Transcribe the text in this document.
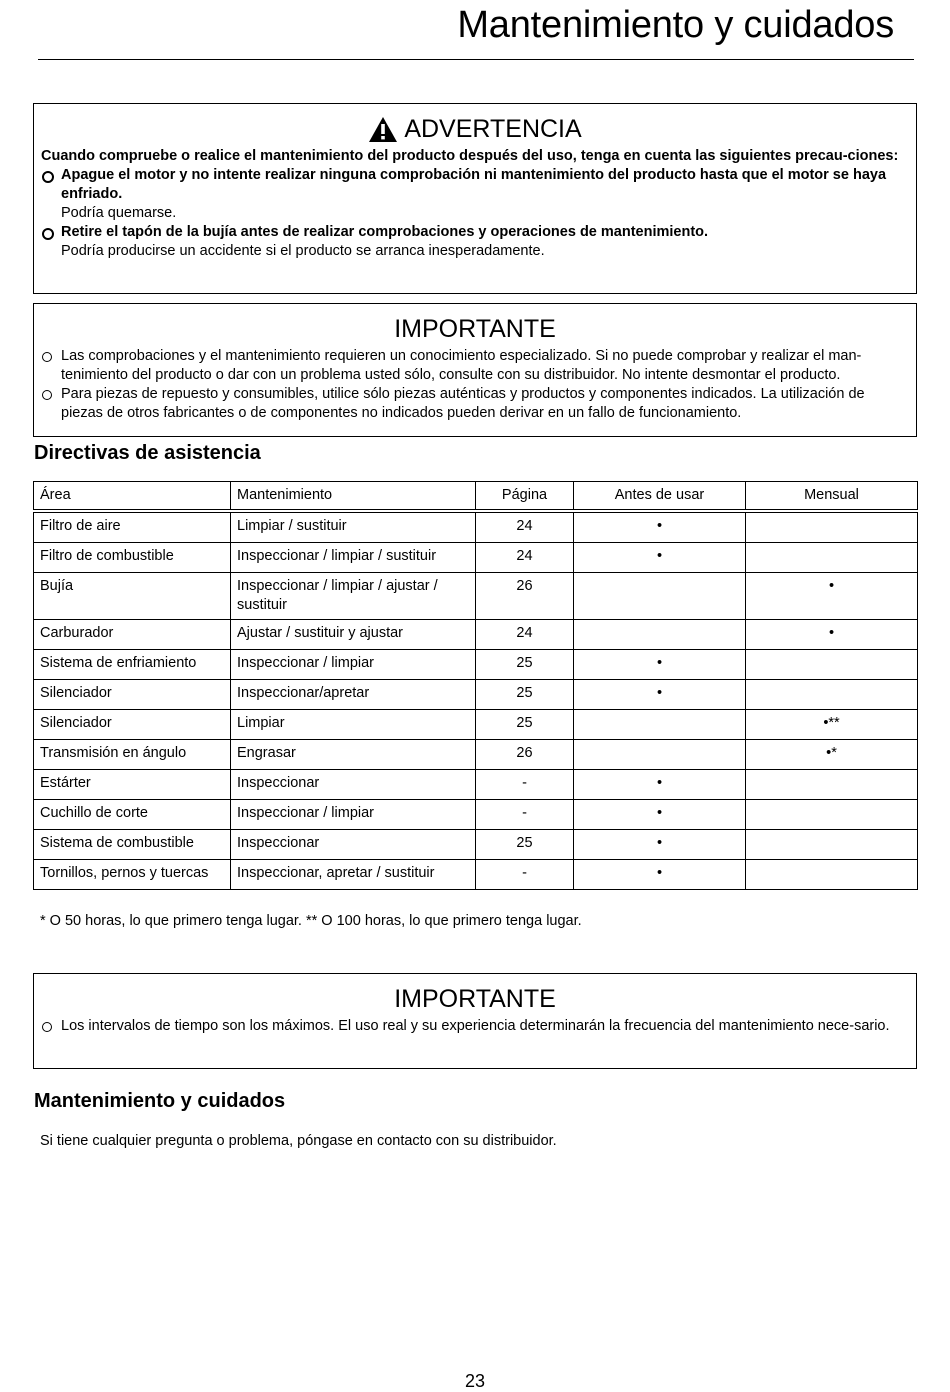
Mantenimiento y cuidados
ADVERTENCIA

Cuando compruebe o realice el mantenimiento del producto después del uso, tenga en cuenta las siguientes precau-ciones:

Apague el motor y no intente realizar ninguna comprobación ni mantenimiento del producto hasta que el motor se haya enfriado.
Podría quemarse.
Retire el tapón de la bujía antes de realizar comprobaciones y operaciones de mantenimiento.
Podría producirse un accidente si el producto se arranca inesperadamente.
IMPORTANTE
Las comprobaciones y el mantenimiento requieren un conocimiento especializado. Si no puede comprobar y realizar el man-tenimiento del producto o dar con un problema usted sólo, consulte con su distribuidor. No intente desmontar el producto.
Para piezas de repuesto y consumibles, utilice sólo piezas auténticas y productos y componentes indicados. La utilización de piezas de otros fabricantes o de componentes no indicados pueden derivar en un fallo de funcionamiento.
Directivas de asistencia
Área	Mantenimiento	Página	Antes de usar	Mensual
Filtro de aire	Limpiar / sustituir	24	•	
Filtro de combustible	Inspeccionar / limpiar / sustituir	24	•	
Bujía	Inspeccionar / limpiar / ajustar / sustituir	26		•
Carburador	Ajustar / sustituir y ajustar	24		•
Sistema de enfriamiento	Inspeccionar / limpiar	25	•	
Silenciador	Inspeccionar/apretar	25	•	
Silenciador	Limpiar	25		•**
Transmisión en ángulo	Engrasar	26		•*
Estárter	Inspeccionar	-	•	
Cuchillo de corte	Inspeccionar / limpiar	-	•	
Sistema de combustible	Inspeccionar	25	•	
Tornillos, pernos y tuercas	Inspeccionar, apretar / sustituir	-	•	

* O 50 horas, lo que primero tenga lugar. ** O 100 horas, lo que primero tenga lugar.

IMPORTANTE
Los intervalos de tiempo son los máximos. El uso real y su experiencia determinarán la frecuencia del mantenimiento nece-sario.
Mantenimiento y cuidados

Si tiene cualquier pregunta o problema, póngase en contacto con su distribuidor.

23
